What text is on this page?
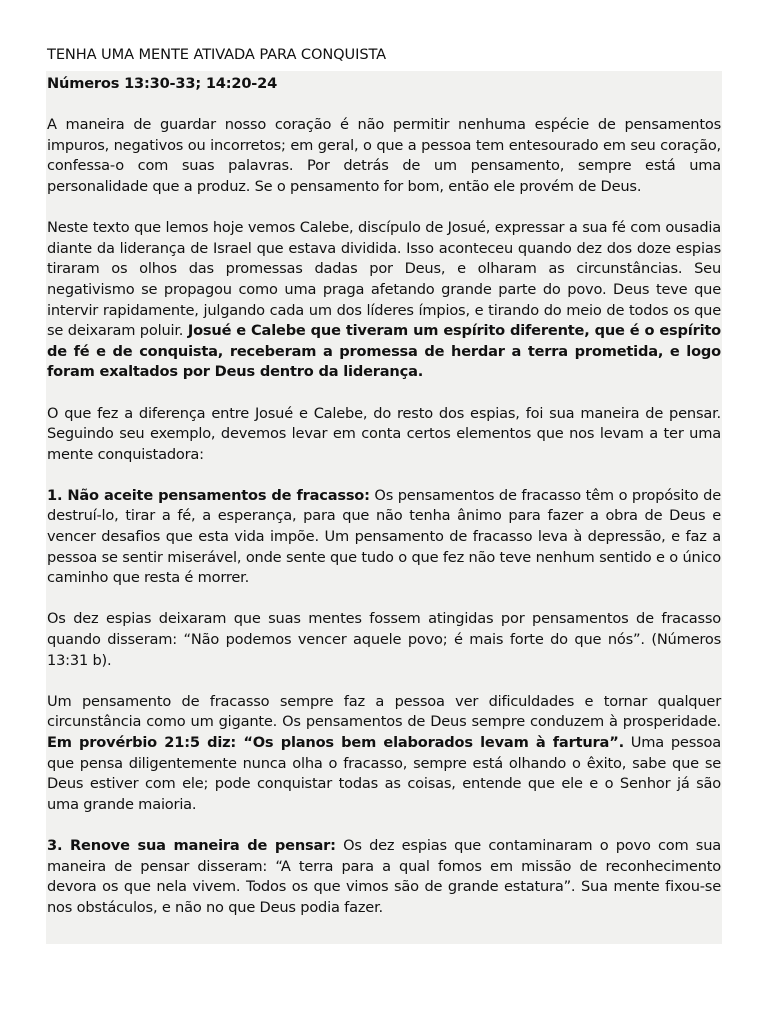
TENHA UMA MENTE ATIVADA PARA CONQUISTA

Números 13:30-33; 14:20-24

A maneira de guardar nosso coração é não permitir nenhuma espécie de pensamentos impuros, negativos ou incorretos; em geral, o que a pessoa tem entesourado em seu coração, confessa-o com suas palavras. Por detrás de um pensamento, sempre está uma personalidade que a produz. Se o pensamento for bom, então ele provém de Deus.

Neste texto que lemos hoje vemos Calebe, discípulo de Josué, expressar a sua fé com ousadia diante da liderança de Israel que estava dividida. Isso aconteceu quando dez dos doze espias tiraram os olhos das promessas dadas por Deus, e olharam as circunstâncias. Seu negativismo se propagou como uma praga afetando grande parte do povo. Deus teve que intervir rapidamente, julgando cada um dos líderes ímpios, e tirando do meio de todos os que se deixaram poluir. Josué e Calebe que tiveram um espírito diferente, que é o espírito de fé e de conquista, receberam a promessa de herdar a terra prometida, e logo foram exaltados por Deus dentro da liderança.

O que fez a diferença entre Josué e Calebe, do resto dos espias, foi sua maneira de pensar. Seguindo seu exemplo, devemos levar em conta certos elementos que nos levam a ter uma mente conquistadora:

1. Não aceite pensamentos de fracasso: Os pensamentos de fracasso têm o propósito de destruí-lo, tirar a fé, a esperança, para que não tenha ânimo para fazer a obra de Deus e vencer desafios que esta vida impõe. Um pensamento de fracasso leva à depressão, e faz a pessoa se sentir miserável, onde sente que tudo o que fez não teve nenhum sentido e o único caminho que resta é morrer.

Os dez espias deixaram que suas mentes fossem atingidas por pensamentos de fracasso quando disseram: “Não podemos vencer aquele povo; é mais forte do que nós”. (Números 13:31 b).

Um pensamento de fracasso sempre faz a pessoa ver dificuldades e tornar qualquer circunstância como um gigante. Os pensamentos de Deus sempre conduzem à prosperidade. Em provérbio 21:5 diz: “Os planos bem elaborados levam à fartura”. Uma pessoa que pensa diligentemente nunca olha o fracasso, sempre está olhando o êxito, sabe que se Deus estiver com ele; pode conquistar todas as coisas, entende que ele e o Senhor já são uma grande maioria.

3. Renove sua maneira de pensar: Os dez espias que contaminaram o povo com sua maneira de pensar disseram: “A terra para a qual fomos em missão de reconhecimento devora os que nela vivem. Todos os que vimos são de grande estatura”. Sua mente fixou-se nos obstáculos, e não no que Deus podia fazer.
